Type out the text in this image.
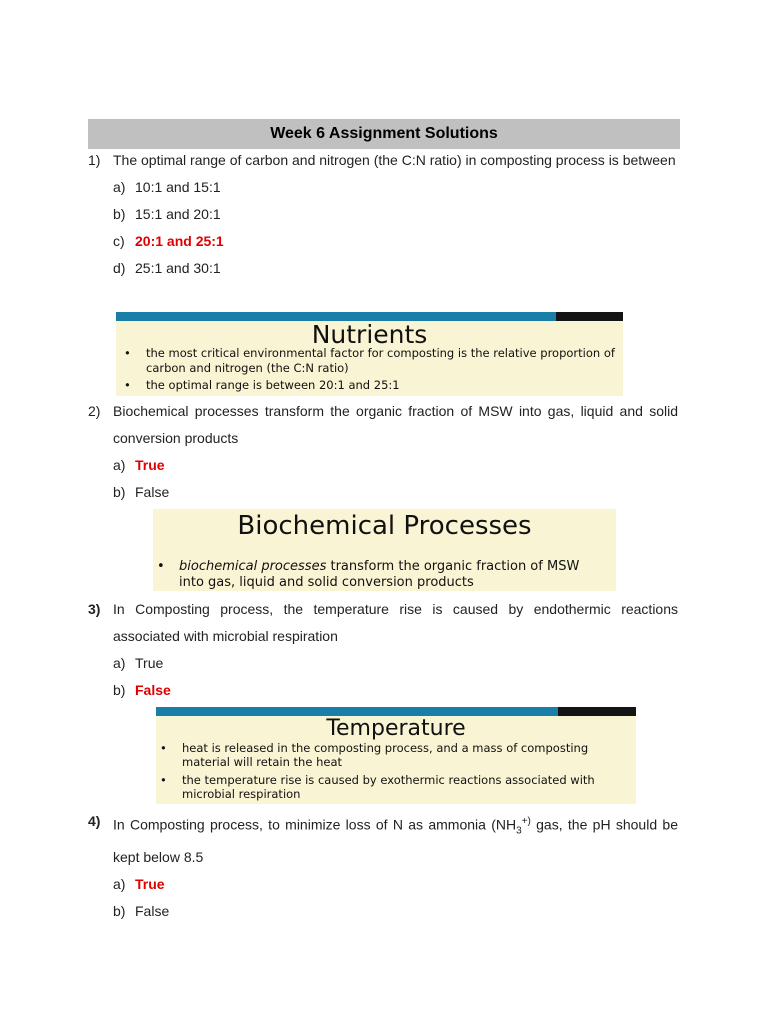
Week 6 Assignment Solutions
1) The optimal range of carbon and nitrogen (the C:N ratio) in composting process is between
a) 10:1 and 15:1
b) 15:1 and 20:1
c) 20:1 and 25:1
d) 25:1 and 30:1
Nutrients
• the most critical environmental factor for composting is the relative proportion of carbon and nitrogen (the C:N ratio)
• the optimal range is between 20:1 and 25:1
2) Biochemical processes transform the organic fraction of MSW into gas, liquid and solid conversion products
a) True
b) False
Biochemical Processes
• biochemical processes transform the organic fraction of MSW into gas, liquid and solid conversion products
3) In Composting process, the temperature rise is caused by endothermic reactions associated with microbial respiration
a) True
b) False
Temperature
• heat is released in the composting process, and a mass of composting material will retain the heat
• the temperature rise is caused by exothermic reactions associated with microbial respiration
4) In Composting process, to minimize loss of N as ammonia ($NH_3^{+)}$ gas, the pH should be kept below 8.5
a) True
b) False
